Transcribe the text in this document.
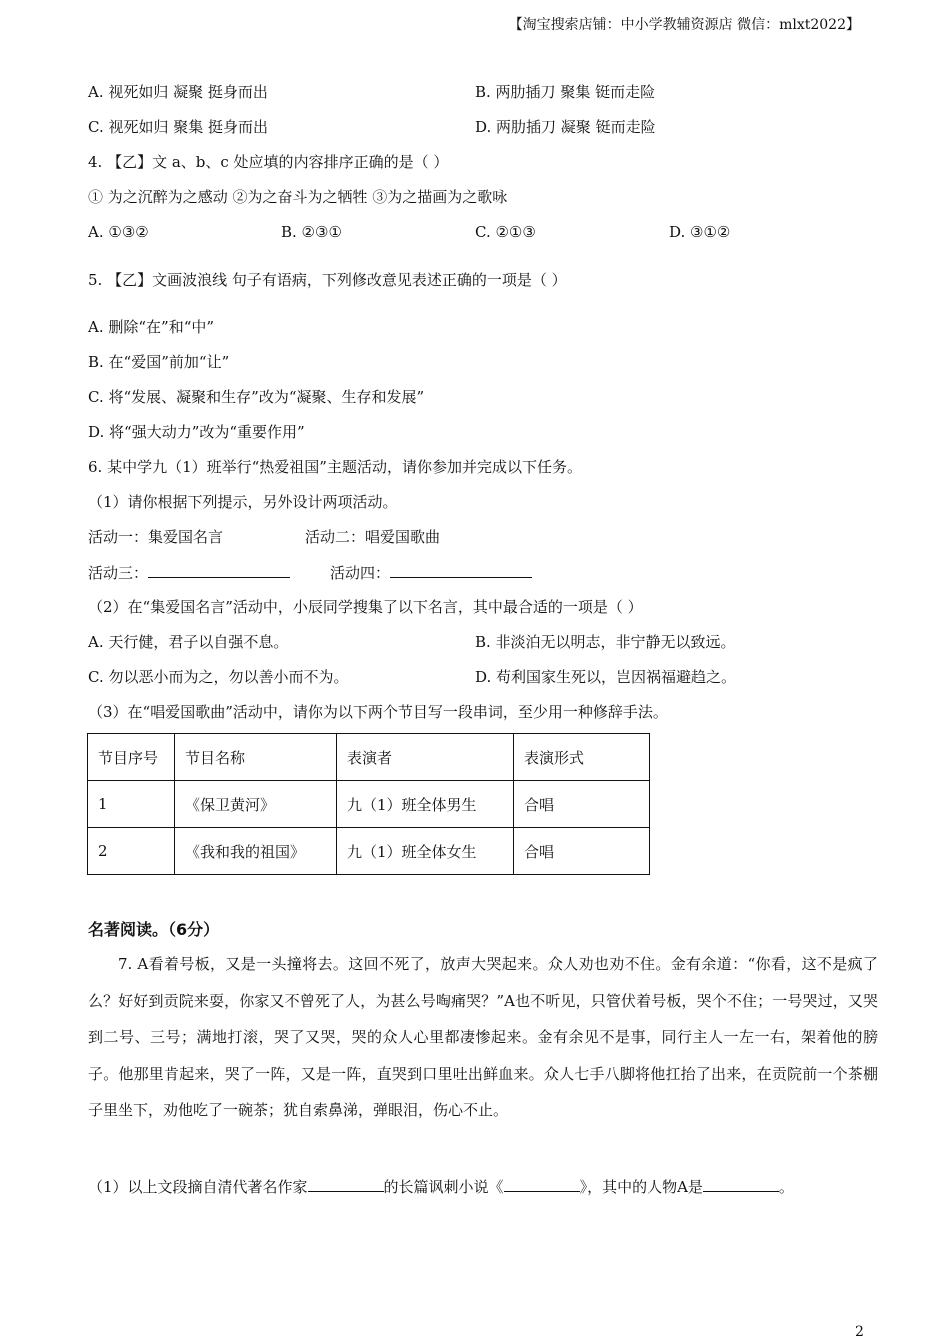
【淘宝搜索店铺：中小学教辅资源店 微信：mlxt2022】
A. 视死如归 凝聚 挺身而出	B. 两肋插刀 聚集 铤而走险
C. 视死如归 聚集 挺身而出	D. 两肋插刀 凝聚 铤而走险
4. 【乙】文 a、b、c 处应填的内容排序正确的是（ ）
① 为之沉醉为之感动 ②为之奋斗为之牺牲 ③为之描画为之歌咏
A. ①③②	B. ②③①	C. ②①③	D. ③①②
5. 【乙】文画波浪线 句子有语病，下列修改意见表述正确的一项是（ ）
A. 删除“在”和“中”
B. 在“爱国”前加“让”
C. 将“发展、凝聚和生存”改为“凝聚、生存和发展”
D. 将“强大动力”改为“重要作用”
6. 某中学九（1）班举行“热爱祖国”主题活动，请你参加并完成以下任务。
（1）请你根据下列提示，另外设计两项活动。
活动一：集爱国名言	活动二：唱爱国歌曲
活动三：	活动四：
（2）在“集爱国名言”活动中，小辰同学搜集了以下名言，其中最合适的一项是（ ）
A. 天行健，君子以自强不息。	B. 非淡泊无以明志，非宁静无以致远。
C. 勿以恶小而为之，勿以善小而不为。	D. 苟利国家生死以，岂因祸福避趋之。
（3）在“唱爱国歌曲”活动中，请你为以下两个节目写一段串词，至少用一种修辞手法。
节目序号	节目名称	表演者	表演形式
1	《保卫黄河》	九（1）班全体男生	合唱
2	《我和我的祖国》	九（1）班全体女生	合唱
名著阅读。（6分）
7. A看着号板，又是一头撞将去。这回不死了，放声大哭起来。众人劝也劝不住。金有余道：“你看，这不是疯了么？好好到贡院来耍，你家又不曾死了人，为甚么号啕痛哭？”A也不听见，只管伏着号板，哭个不住；一号哭过，又哭到二号、三号；满地打滚，哭了又哭，哭的众人心里都凄惨起来。金有余见不是事，同行主人一左一右，架着他的膀子。他那里肯起来，哭了一阵，又是一阵，直哭到口里吐出鲜血来。众人七手八脚将他扛抬了出来，在贡院前一个茶棚子里坐下，劝他吃了一碗茶；犹自索鼻涕，弹眼泪，伤心不止。
（1）以上文段摘自清代著名作家	的长篇讽刺小说《	》，其中的人物A是	。
2
